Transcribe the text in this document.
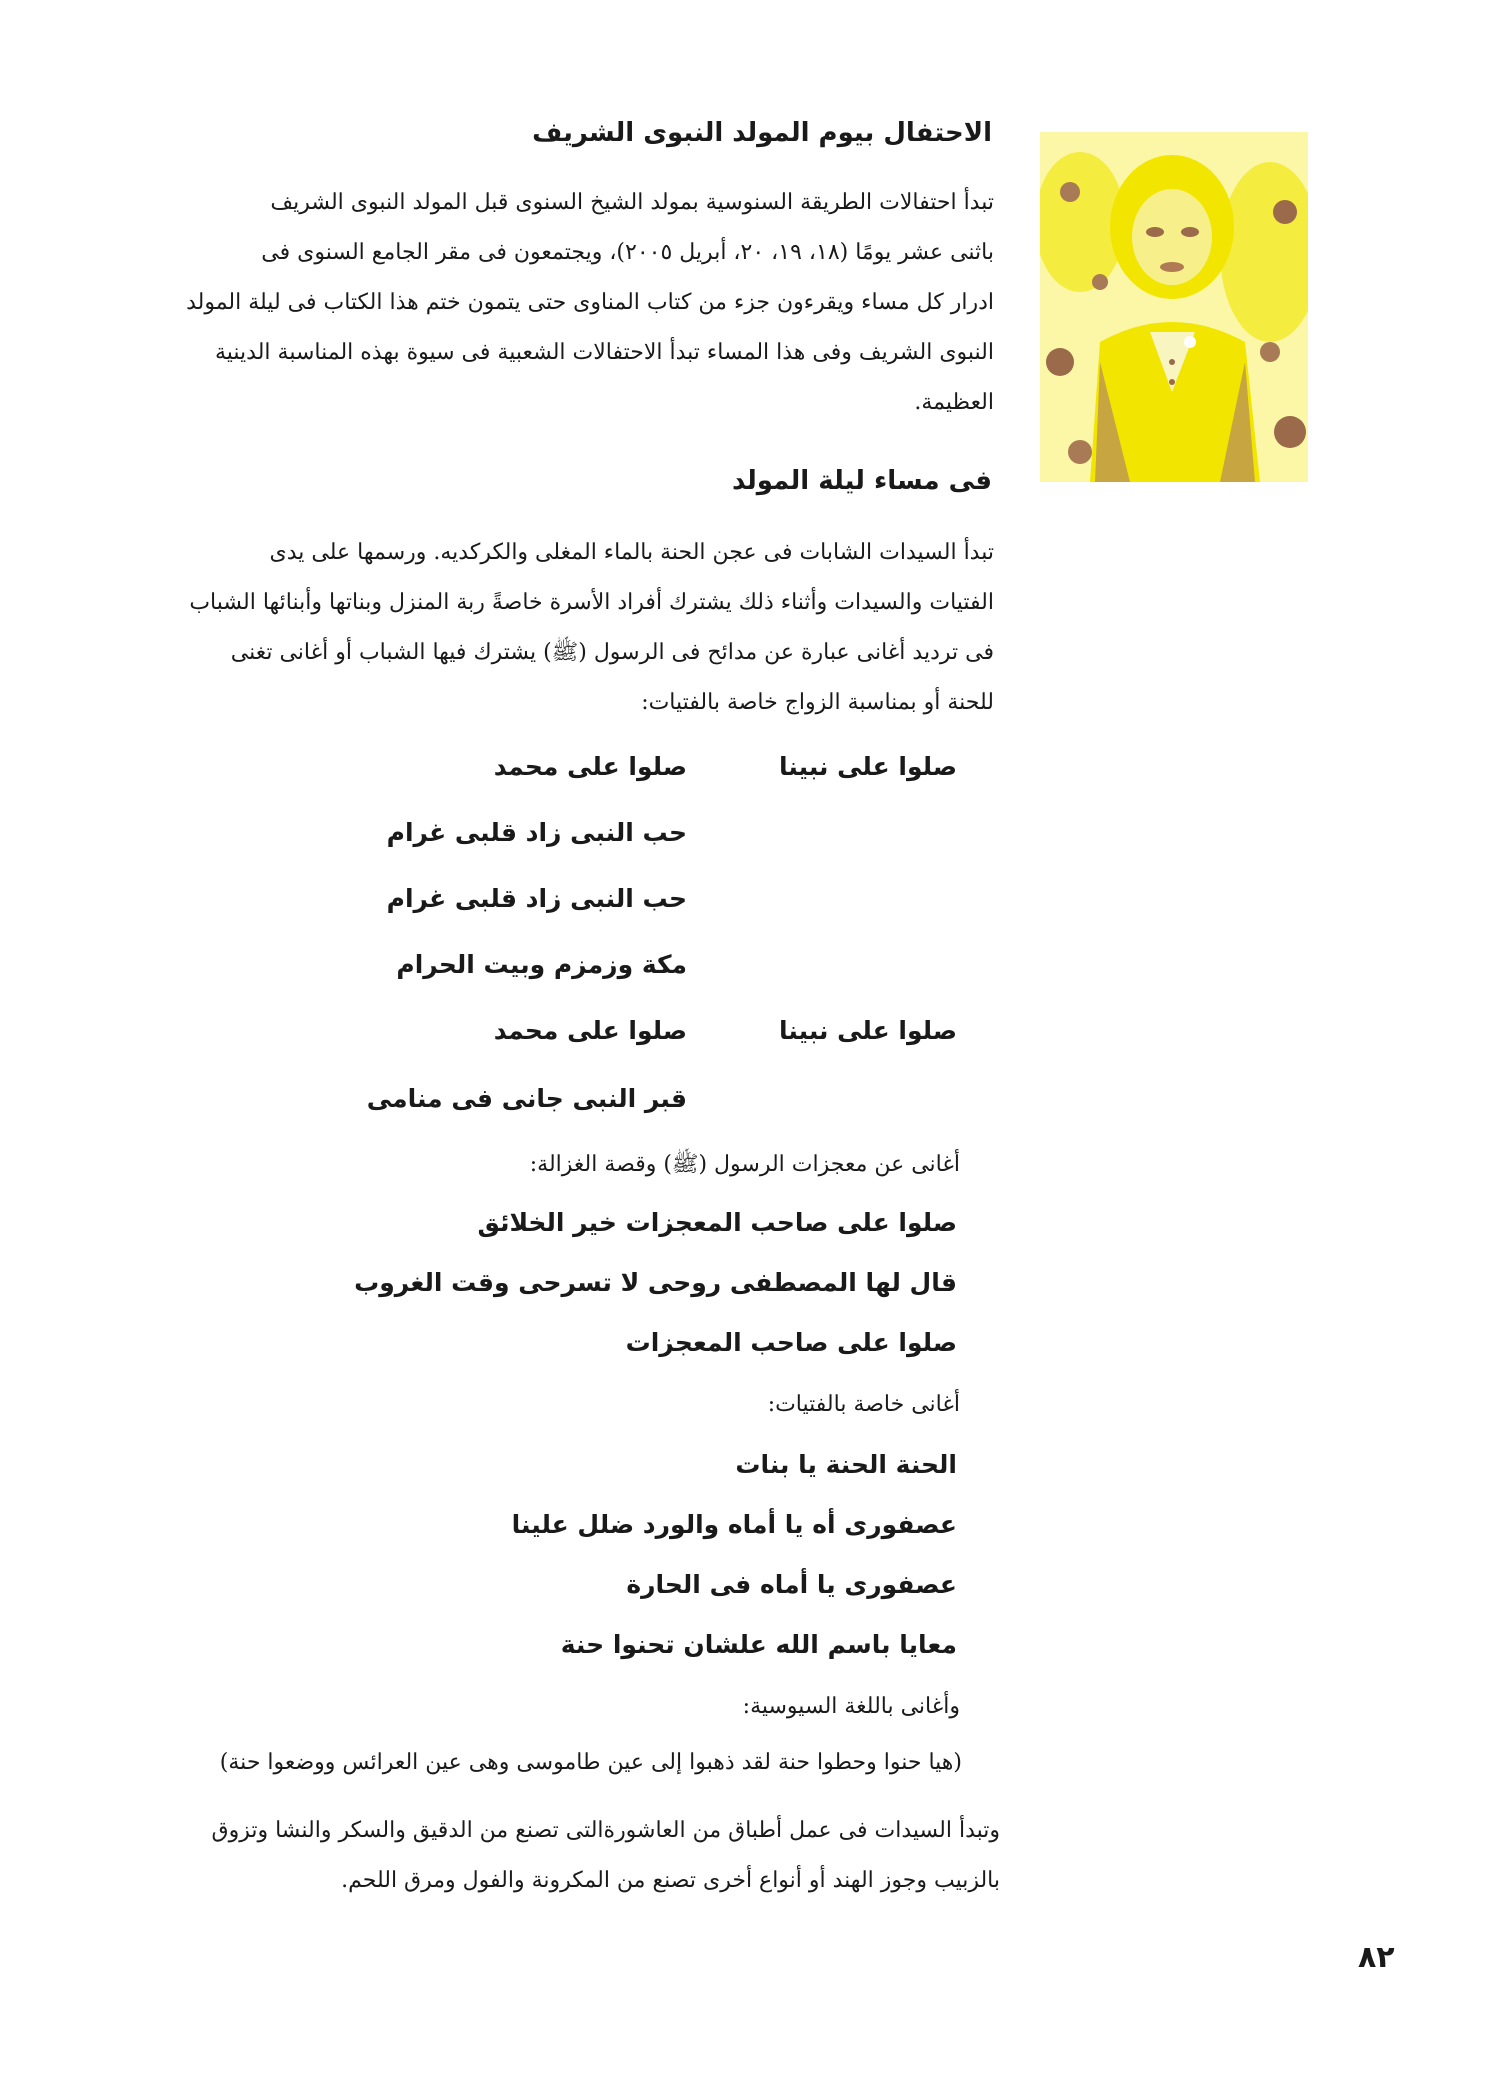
الاحتفال بيوم المولد النبوى الشريف

تبدأ احتفالات الطريقة السنوسية بمولد الشيخ السنوى قبل المولد النبوى الشريف

باثنى عشر يومًا (١٨، ١٩، ٢٠، أبريل ٢٠٠٥)، ويجتمعون فى مقر الجامع السنوى فى

ادرار كل مساء ويقرءون جزء من كتاب المناوى حتى يتمون ختم هذا الكتاب فى ليلة المولد

النبوى الشريف وفى هذا المساء تبدأ الاحتفالات الشعبية فى سيوة بهذه المناسبة الدينية

العظيمة.

فى مساء ليلة المولد

تبدأ السيدات الشابات فى عجن الحنة بالماء المغلى والكركديه. ورسمها على يدى

الفتيات والسيدات وأثناء ذلك يشترك أفراد الأسرة خاصةً ربة المنزل وبناتها وأبنائها الشباب

فى ترديد أغانى عبارة عن مدائح فى الرسول (ﷺ) يشترك فيها الشباب أو أغانى تغنى

للحنة أو بمناسبة الزواج خاصة بالفتيات:

صلوا على نبينا
صلوا على محمد
حب النبى زاد قلبى غرام
حب النبى زاد قلبى غرام
مكة وزمزم وبيت الحرام
صلوا على نبينا
صلوا على محمد
قبر النبى جانى فى منامى
أغانى عن معجزات الرسول (ﷺ) وقصة الغزالة:
صلوا على صاحب المعجزات خير الخلائق
قال لها المصطفى روحى لا تسرحى وقت الغروب
صلوا على صاحب المعجزات
أغانى خاصة بالفتيات:
الحنة الحنة يا بنات
عصفورى أه يا أماه والورد ضلل علينا
عصفورى يا أماه فى الحارة
معايا باسم الله علشان تحنوا حنة
وأغانى باللغة السيوسية:
(هيا حنوا وحطوا حنة لقد ذهبوا إلى عين طاموسى وهى عين العرائس ووضعوا حنة)

وتبدأ السيدات فى عمل أطباق من العاشورةالتى تصنع من الدقيق والسكر والنشا وتزوق

بالزبيب وجوز الهند أو أنواع أخرى تصنع من المكرونة والفول ومرق اللحم.

٨٢
